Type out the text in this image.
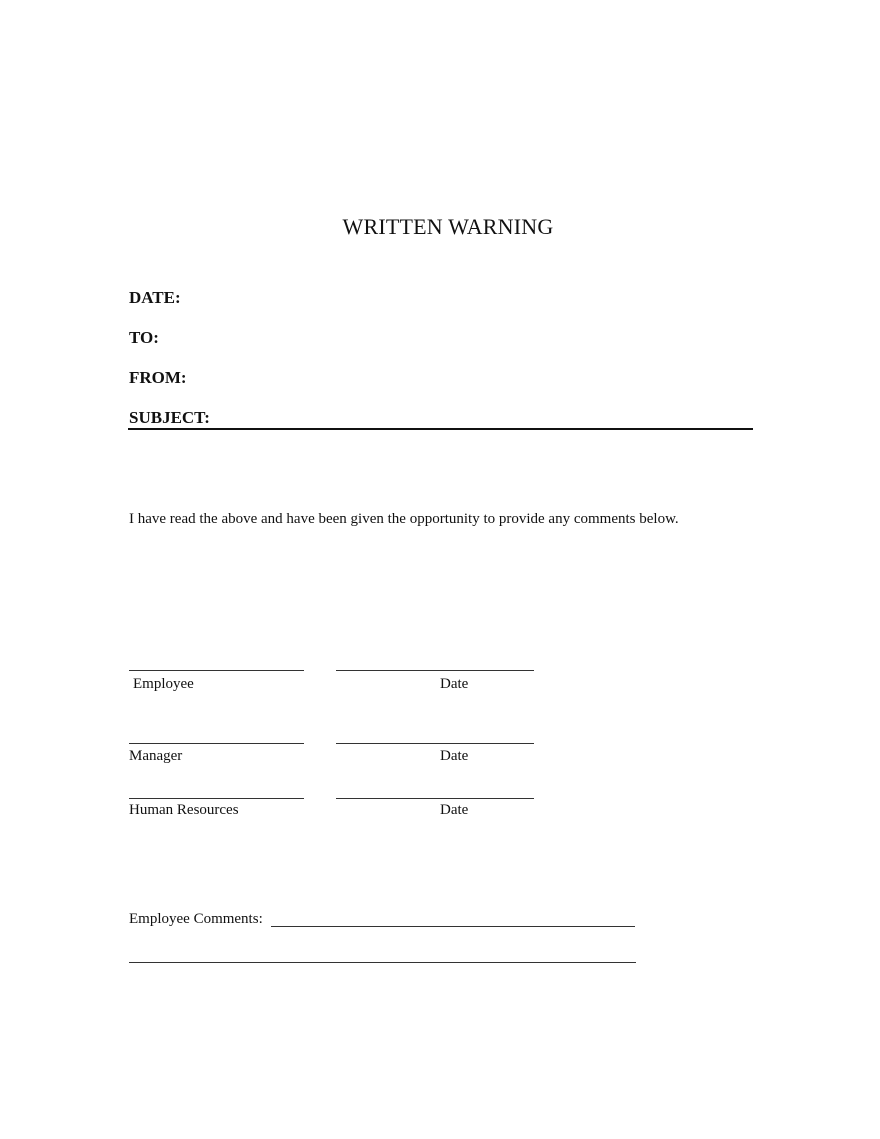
WRITTEN WARNING
DATE:
TO:
FROM:
SUBJECT:
I have read the above and have been given the opportunity to provide any comments below.
Employee	Date
Manager	Date
Human Resources	Date
Employee Comments:
